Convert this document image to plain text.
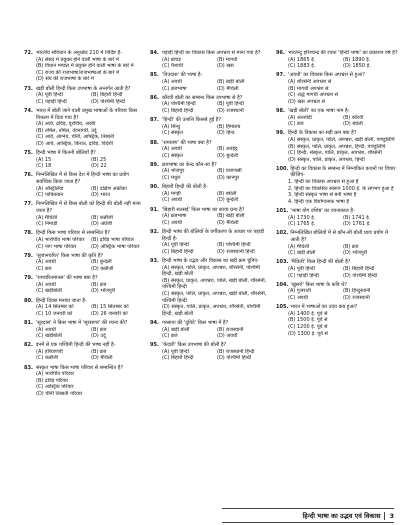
72. भारतीय संविधान के अनुच्छेद 210 में निर्दिष्ट है-
(A) संसद में प्रयुक्त होने वाली भाषा के बारे में
(B) विधान मण्डल में प्रयुक्त होने वाली भाषा के बारे में
(C) राज्य की राजभाषा/राजभाषाओं के बारे में
(D) संघ की राजभाषा के बारे में
73. खड़ी बोली हिन्दी किस उपभाषा के अन्तर्गत आती है?
(A) पूर्वी हिन्दी	(B) बिहारी हिन्दी
(C) पहाड़ी हिन्दी	(D) पश्चिमी हिन्दी
74. भारत में बोली जाने वाली प्रमुख भाषाओं के परिवार किस विकल्प में दिया गया है?
(A) आर्य, द्रविड़, यूरोपीय, अरबी
(B) तमिल, तमिल, देवनागरी, उर्दू
(C) आर्य, आग्नेय, चीनी, आस्ट्रिक, तिब्बती
(D) आर्य, आस्ट्रिक, किरात, द्रविड़, विदेशी
75. हिन्दी भाषा में कितनी बोलियाँ हैं?
(A) 15	(B) 25
(C) 18	(D) 22
76. निम्नलिखित में से किस देश में हिन्दी भाषा का प्रयोग सर्वाधिक किया जाता है?
(A) ऑस्ट्रेलिया	(B) दक्षिण अफ्रीका
(C) पाकिस्तान	(D) भारत
77. निम्नलिखित में से किस बोली को हिन्दी की बोली नहीं माना जाता है?
(A) मैथिली	(B) कन्नौजी
(C) निमाड़ी	(D) अंग्रेजी
78. हिन्दी किस भाषा परिवार से सम्बन्धित है?
(A) भारोपीय भाषा परिवार	(B) द्रविड़ भाषा परिवार
(C) नाग भाषा परिवार	(D) ऑस्ट्रिक भाषा परिवार
79. 'सुजानचरित' किस भाषा की कृति है?
(A) अवधी	(B) बुन्देली
(C) ब्रज	(D) कन्नौजी
79. 'रामचरितमानस' की भाषा क्या है?
(A) अवधी	(B) ब्रज
(C) खड़ीबोली	(D) भोजपुरी
80. हिन्दी दिवस मनाया जाता है-
(A) 14 सितम्बर को	(B) 15 सितम्बर को
(C) 10 जनवरी को	(D) 26 जनवरी को
81. 'सूरदास' ने किस भाषा में 'सूरसागर' की रचना की?
(A) अवधी	(B) ब्रज
(C) खड़ीबोली	(D) उर्दू
82. इनमें से एक पश्चिमी हिन्दी की भाषा नहीं है-
(A) हरियाणवी	(B) ब्रज
(C) कन्नौजी	(D) मैथिली
83. संस्कृत भाषा किस भाषा परिवार से सम्बन्धित है?
(A) भारोपीय परिवार
(B) द्रविड़ परिवार
(C) आस्ट्रिक परिवार
(D) चीनी तिब्बती परिवार
84. पहाड़ी हिन्दी का विकास किस अपभ्रंश से माना गया है?
(A) ब्राचड़	(B) मागधी
(C) पैशाची	(D) खस
85. 'पिउदास' की भाषा है-
(A) अवधी	(B) खड़ी बोली
(C) ब्रजभाषा	(D) मैथिली
86. कौरवी बोली का सम्बन्ध किस उपभाषा से है?
(A) पश्चिमी हिन्दी	(B) पूर्वी हिन्दी
(C) बिहारी हिन्दी	(D) राजस्थानी
87. 'हिन्दी' की उत्पत्ति किससे हुई है?
(A) सिन्धु	(B) हिमालय
(C) संस्कृत	(D) हिन्द
88. 'रामायण' की भाषा क्या है?
(A) अवधी	(B) अवहट्ट
(C) संस्कृत	(D) बुन्देली
89. ब्रजभाषा का केन्द्र कौन-सा है?
(A) भोजपुर	(B) वाराणसी
(C) मथुरा	(D) कानपुर
90. बिहारी हिन्दी की बोली है-
(A) मगही	(B) बघेली
(C) अवधी	(D) बुन्देली
91. 'बिहारी सतसई' किस भाषा का काव्य ग्रन्थ है?
(A) ब्रजभाषा	(B) खड़ी बोली
(C) अवधी	(D) मैथिली
92. हिन्दी भाषा की बोलियों के वर्गीकरण के आधार पर पहाड़ी हिन्दी है-
(A) पूर्वी हिन्दी	(B) पश्चिमी हिन्दी
(C) बिहारी हिन्दी	(D) राजस्थानी हिन्दी
93. हिन्दी भाषा के उद्भव और विकास का सही क्रम चुनिए-
(A) संस्कृत, पालि, प्राकृत, अपभ्रंश, शौरसेनी, पश्चिमी हिन्दी, खड़ी बोली
(B) संस्कृत, प्राकृत, अपभ्रंश, पालि, खड़ी बोली, शौरसेनी, पश्चिमी हिन्दी
(C) संस्कृत, पालि, प्राकृत, अपभ्रंश, खड़ी बोली, शौरसेनी, पश्चिमी हिन्दी
(D) संस्कृत, पालि, प्राकृत, अपभ्रंश, शौरसेनी, पश्चिमी हिन्दी, खड़ी बोली
94. परसाना की 'दुविदे' किस भाषा में है?
(A) खड़ी बोली	(B) राजस्थानी
(C) ब्रज	(D) अवधी
95. 'केदारी' किस उपभाषा की बोली है?
(A) पूर्वी हिन्दी	(B) राजस्थानी हिन्दी
(C) बिहारी हिन्दी	(D) पश्चिमी हिन्दी
96. भारतेन्दु हरिश्चन्द्र की रचना 'हिन्दी भाषा' का प्रकाशन वर्ष है?
(A) 1865 ई.	(B) 1890 ई.
(C) 1883 ई.	(D) 1850 ई.
97. 'अवधी' का विकास किस अपभ्रंश से हुआ?
(A) शौरसेनी अपभ्रंश से
(B) मागधी अपभ्रंश से
(C) अर्द्ध मागधी अपभ्रंश से
(D) खस अपभ्रंश से
98. 'खड़ी बोली' का एक भाषा नाम है-
(A) अन्तर्वेदी	(B) कौरवी
(C) ब्रज	(D) बघेली
99. हिन्दी के विकास का सही क्रम क्या है?
(A) संस्कृत, प्राकृत, पालि, अपभ्रंश, खड़ी बोली, पाण्डुलिपि
(B) संस्कृत, पालि, प्राकृत, अपभ्रंश, हिन्दी, पाण्डुलिपि
(C) हिन्दी, संस्कृत, पालि, प्राकृत, अपभ्रंश, शौरसेनी
(D) संस्कृत, पालि, प्राकृत, अपभ्रंश, हिन्दी
100. हिन्दी का विकास के सम्बन्ध में निम्नांकित कथनों पर विचार कीजिए-
1. हिन्दी का विकास अपभ्रंश से हुआ है
2. हिन्दी का विकसित स्वरूप 1000 ई. के लगभग हुआ है
3. हिन्दी संस्कृत भाषा से बनी भाषा है
4. हिन्दी एक वियोगात्मक भाषा है
101. 'भाषा योग वशिष्ठ' का रचनाकाल है-
(A) 1730 ई.	(B) 1741 ई.
(C) 1765 ई.	(D) 1761 ई.
102. निम्नलिखित बोलियों में से कौन-सी बोली प्रायः प्रयोग में आती है?
(A) मैथिली	(B) ब्रज
(C) खड़ी बोली	(D) भोजपुरी
103. 'मैथिली' किस हिन्दी की बोली है?
(A) पूर्वी हिन्दी	(B) बिहारी हिन्दी
(C) पहाड़ी हिन्दी	(D) पश्चिमी हिन्दी
104. 'खुसरो' किस भाषा के कवि थे?
(A) गुजराती	(B) हिन्दुस्तानी
(C) अवधी	(D) राजस्थानी
105. भारत में भाषाओं का उदय कब हुआ?
(A) 1400 ई. पूर्व से
(B) 1500 ई. पूर्व से
(C) 1200 ई. पूर्व से
(D) 1300 ई. पूर्व से
हिन्दी भाषा का उद्भव एवं विकास	3
